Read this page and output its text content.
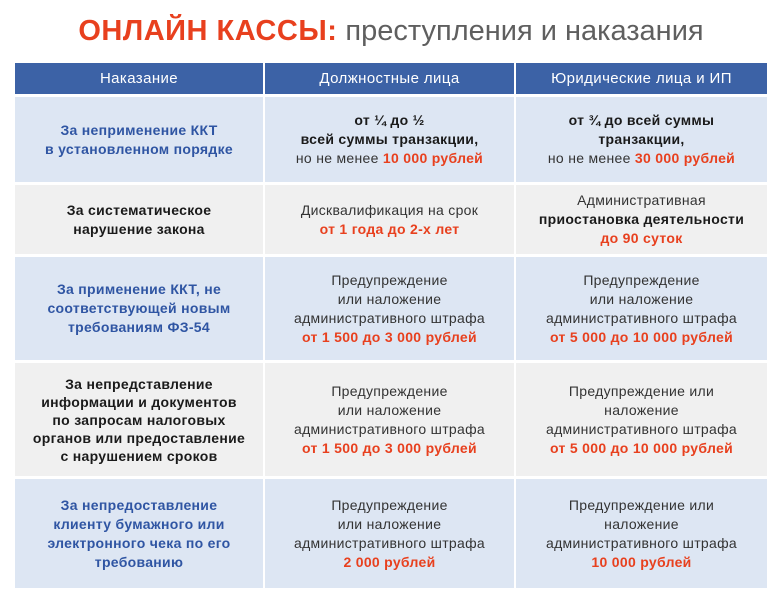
ОНЛАЙН КАССЫ: преступления и наказания
Наказание	Должностные лица	Юридические лица и ИП

За неприменение ККТ
в установленном порядке	от ¼ до ½
всей суммы транзакции,
но не менее 10 000 рублей	от ¾ до всей суммы
транзакции,
но не менее 30 000 рублей

За систематическое
нарушение закона	Дисквалификация на срок
от 1 года до 2-х лет	Административная
приостановка деятельности
до 90 суток

За применение ККТ, не
соответствующей новым
требованиям ФЗ-54	Предупреждение
или наложение
административного штрафа
от 1 500 до 3 000 рублей	Предупреждение
или наложение
административного штрафа
от 5 000 до 10 000 рублей

За непредставление
информации и документов
по запросам налоговых
органов или предоставление
с нарушением сроков	Предупреждение
или наложение
административного штрафа
от 1 500 до 3 000 рублей	Предупреждение или
наложение
административного штрафа
от 5 000 до 10 000 рублей

За непредоставление
клиенту бумажного или
электронного чека по его
требованию	Предупреждение
или наложение
административного штрафа
2 000 рублей	Предупреждение или
наложение
административного штрафа
10 000 рублей
